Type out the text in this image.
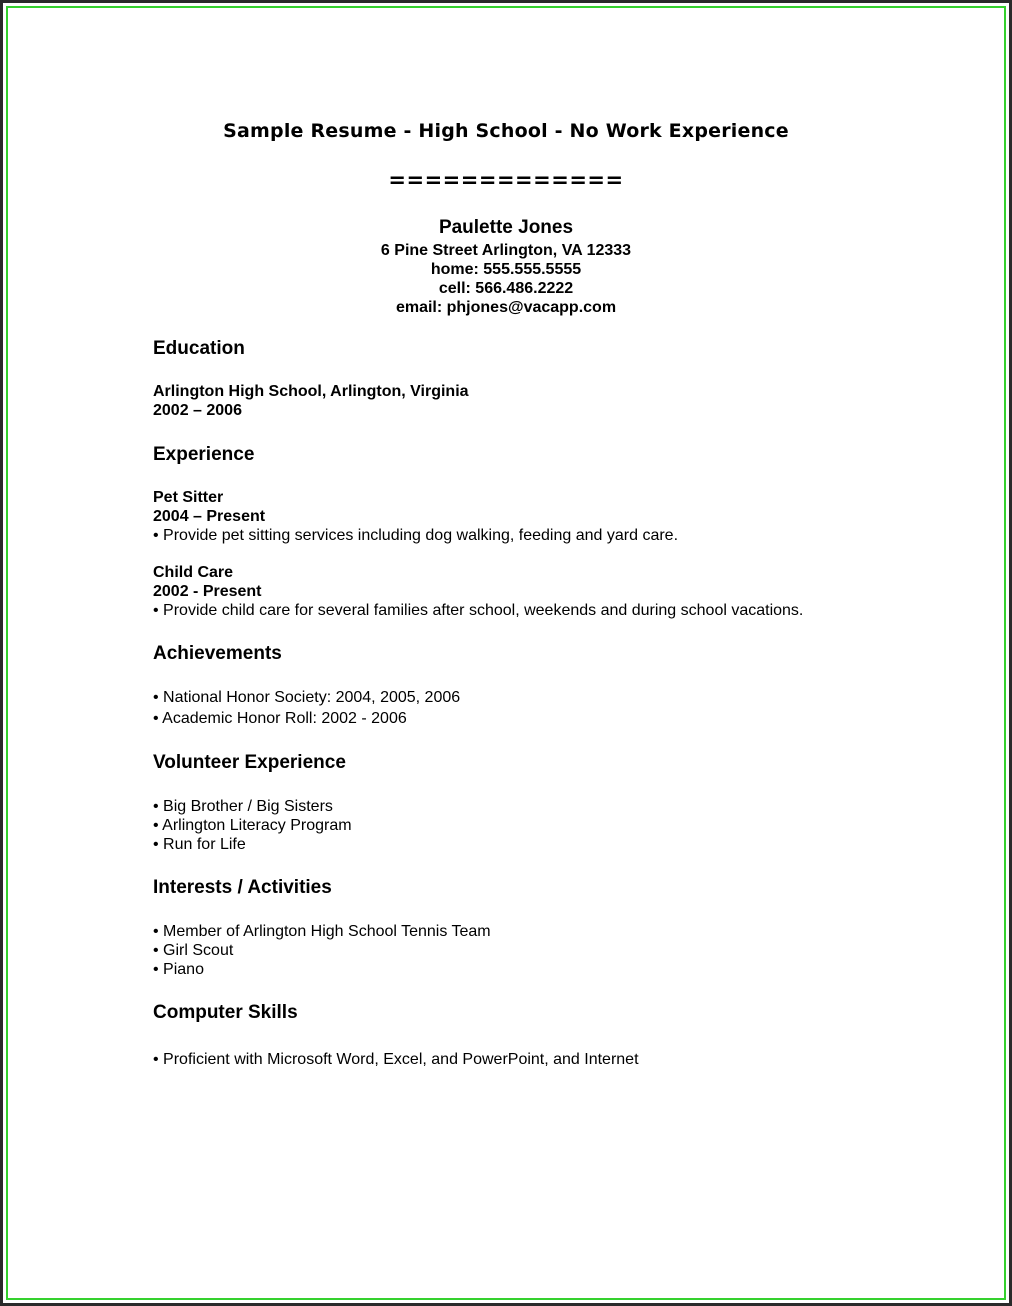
Sample Resume - High School - No Work Experience
=============
Paulette Jones
6 Pine Street Arlington, VA 12333
home: 555.555.5555
cell: 566.486.2222
email: phjones@vacapp.com
Education
Arlington High School, Arlington, Virginia
2002 – 2006
Experience
Pet Sitter
2004 – Present
• Provide pet sitting services including dog walking, feeding and yard care.
Child Care
2002 - Present
• Provide child care for several families after school, weekends and during school vacations.
Achievements
• National Honor Society: 2004, 2005, 2006
• Academic Honor Roll: 2002 - 2006
Volunteer Experience
• Big Brother / Big Sisters
• Arlington Literacy Program
• Run for Life
Interests / Activities
• Member of Arlington High School Tennis Team
• Girl Scout
• Piano
Computer Skills
• Proficient with Microsoft Word, Excel, and PowerPoint, and Internet
